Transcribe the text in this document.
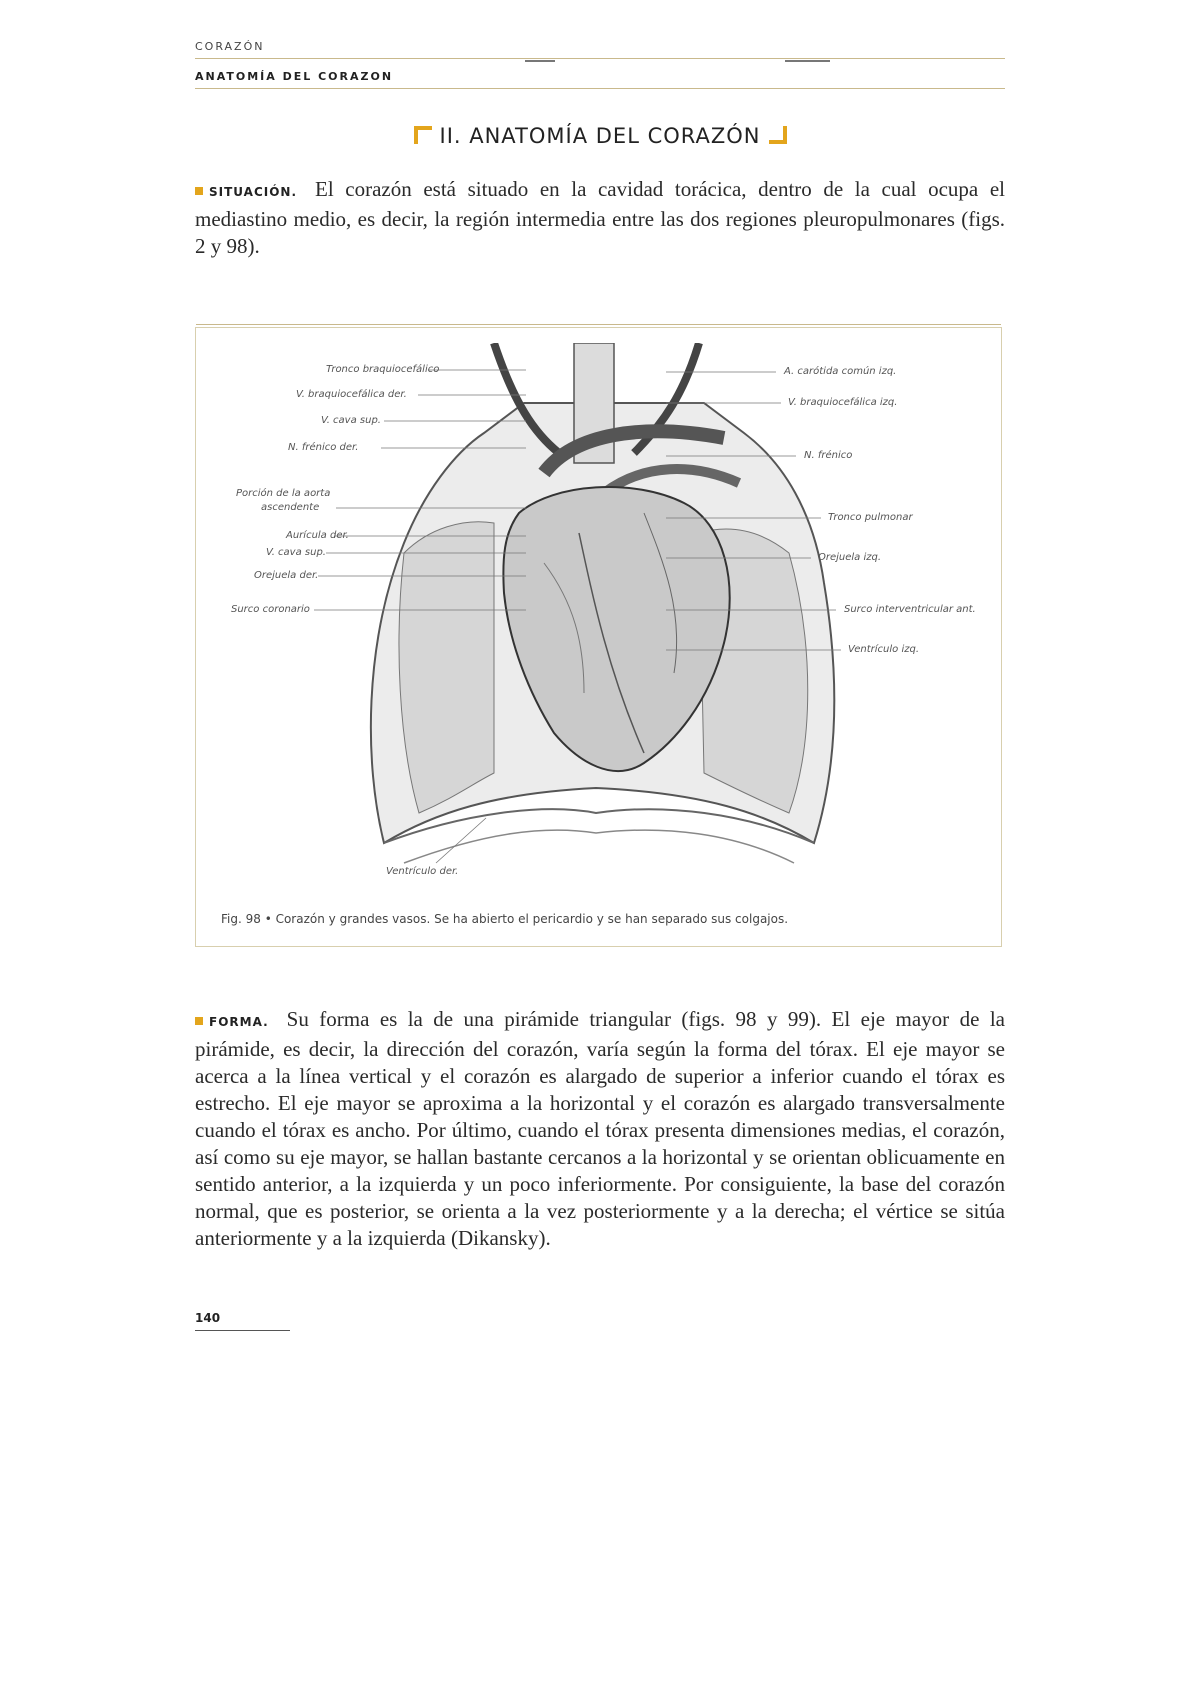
CORAZÓN
ANATOMÍA DEL CORAZON
II. ANATOMÍA DEL CORAZÓN
SITUACIÓN. El corazón está situado en la cavidad torácica, dentro de la cual ocupa el mediastino medio, es decir, la región intermedia entre las dos regiones pleuropulmonares (figs. 2 y 98).
Tronco braquiocefálico
V. braquiocefálica der.
V. cava sup.
N. frénico der.
Porción de la aorta
ascendente
Aurícula der.
V. cava sup.
Orejuela der.
Surco coronario
A. carótida común izq.
V. braquiocefálica izq.
N. frénico
Tronco pulmonar
Orejuela izq.
Surco interventricular ant.
Ventrículo izq.
Ventrículo der.
Fig. 98 • Corazón y grandes vasos. Se ha abierto el pericardio y se han separado sus colgajos.
FORMA. Su forma es la de una pirámide triangular (figs. 98 y 99). El eje mayor de la pirámide, es decir, la dirección del corazón, varía según la forma del tórax. El eje mayor se acerca a la línea vertical y el corazón es alargado de superior a inferior cuando el tórax es estrecho. El eje mayor se aproxima a la horizontal y el corazón es alargado transversalmente cuando el tórax es ancho. Por último, cuando el tórax presenta dimensiones medias, el corazón, así como su eje mayor, se hallan bastante cercanos a la horizontal y se orientan oblicuamente en sentido anterior, a la izquierda y un poco inferiormente. Por consiguiente, la base del corazón normal, que es posterior, se orienta a la vez posteriormente y a la derecha; el vértice se sitúa anteriormente y a la izquierda (Dikansky).
140
